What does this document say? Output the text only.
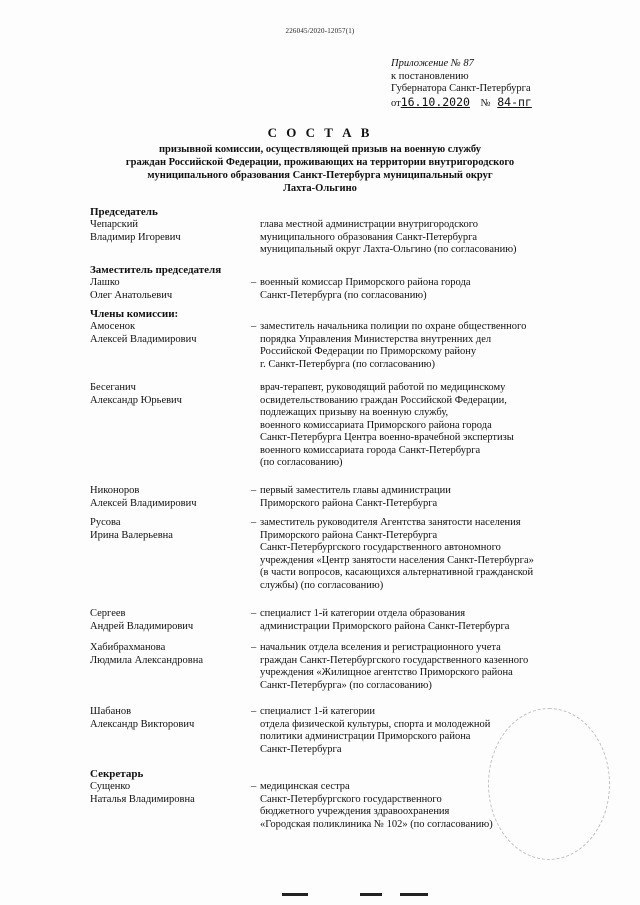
226045/2020-12057(1)
Приложение № 87
к постановлению
Губернатора Санкт-Петербурга
от16.10.2020 № 84-пг
С О С Т А В
призывной комиссии, осуществляющей призыв на военную службу
граждан Российской Федерации, проживающих на территории внутригородского
муниципального образования Санкт-Петербурга муниципальный округ
Лахта-Ольгино
Председатель
Заместитель председателя
Члены комиссии:
Секретарь
Чепарский
Владимир Игоревич
глава местной администрации внутригородского
муниципального образования Санкт-Петербурга
муниципальный округ Лахта-Ольгино (по согласованию)
Лашко
Олег Анатольевич
– военный комиссар Приморского района города
Санкт-Петербурга (по согласованию)
Амосенок
Алексей Владимирович
– заместитель начальника полиции по охране общественного
порядка Управления Министерства внутренних дел
Российской Федерации по Приморскому району
г. Санкт-Петербурга (по согласованию)
Бесеганич
Александр Юрьевич
врач-терапевт, руководящий работой по медицинскому
освидетельствованию граждан Российской Федерации,
подлежащих призыву на военную службу,
военного комиссариата Приморского района города
Санкт-Петербурга Центра военно-врачебной экспертизы
военного комиссариата города Санкт-Петербурга
(по согласованию)
Никоноров
Алексей Владимирович
– первый заместитель главы администрации
Приморского района Санкт-Петербурга
Русова
Ирина Валерьевна
– заместитель руководителя Агентства занятости населения
Приморского района Санкт-Петербурга
Санкт-Петербургского государственного автономного
учреждения «Центр занятости населения Санкт-Петербурга»
(в части вопросов, касающихся альтернативной гражданской
службы) (по согласованию)
Сергеев
Андрей Владимирович
– специалист 1-й категории отдела образования
администрации Приморского района Санкт-Петербурга
Хабибрахманова
Людмила Александровна
– начальник отдела вселения и регистрационного учета
граждан Санкт-Петербургского государственного казенного
учреждения «Жилищное агентство Приморского района
Санкт-Петербурга» (по согласованию)
Шабанов
Александр Викторович
– специалист 1-й категории
отдела физической культуры, спорта и молодежной
политики администрации Приморского района
Санкт-Петербурга
Сущенко
Наталья Владимировна
– медицинская сестра
Санкт-Петербургского государственного
бюджетного учреждения здравоохранения
«Городская поликлиника № 102» (по согласованию)
